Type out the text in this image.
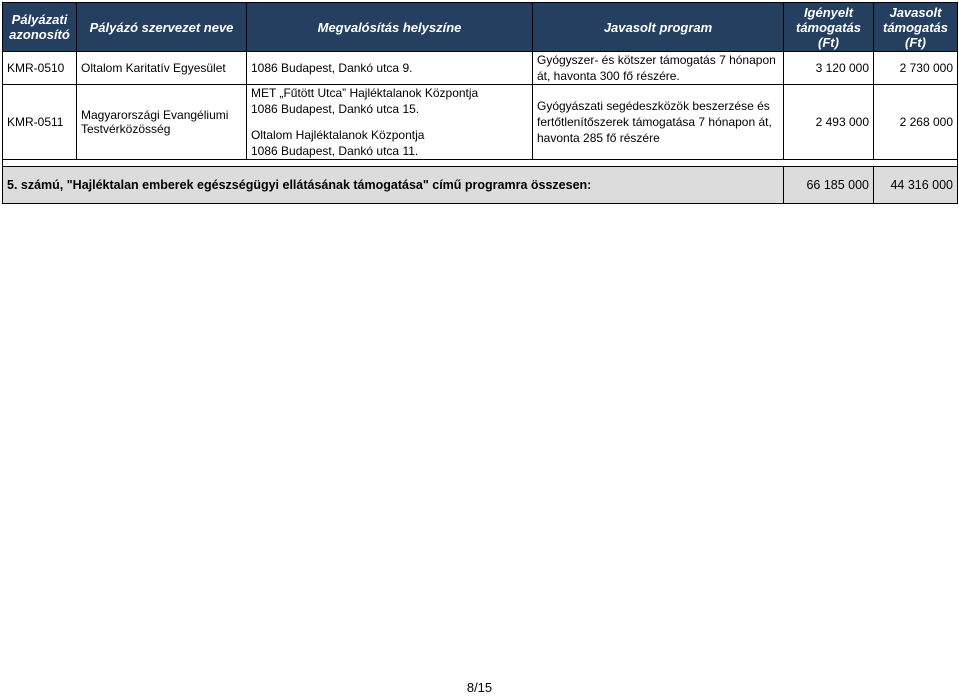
Pályázati azonosító	Pályázó szervezet neve	Megvalósítás helyszíne	Javasolt program	Igényelt támogatás (Ft)	Javasolt támogatás (Ft)
KMR-0510	Oltalom Karitatív Egyesület	1086 Budapest, Dankó utca 9.	Gyógyszer- és kötszer támogatás 7 hónapon át, havonta 300 fő részére.	3 120 000	2 730 000
KMR-0511	Magyarországi Evangéliumi Testvérközösség	MET „Fűtött Utca” Hajléktalanok Központja
1086 Budapest, Dankó utca 15.
Oltalom Hajléktalanok Központja
1086 Budapest, Dankó utca 11.	Gyógyászati segédeszközök beszerzése és fertőtlenítőszerek támogatása 7 hónapon át, havonta 285 fő részére	2 493 000	2 268 000

5. számú, "Hajléktalan emberek egészségügyi ellátásának támogatása" című programra összesen:				66 185 000	44 316 000
8/15
